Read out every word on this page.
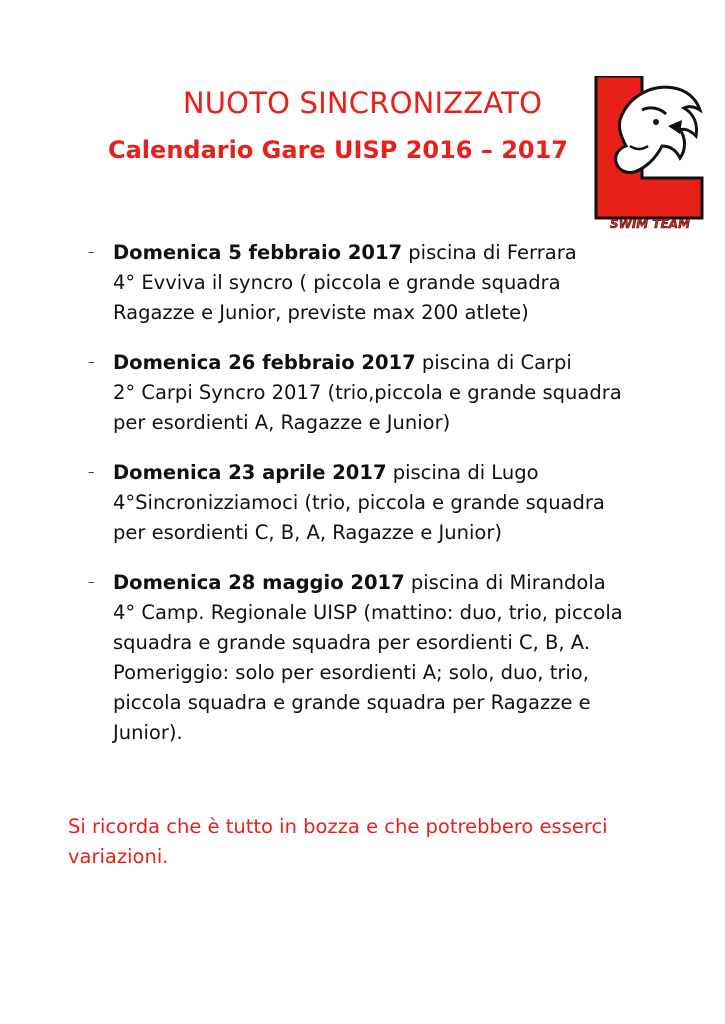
NUOTO SINCRONIZZATO
Calendario Gare UISP 2016 – 2017
SWIM TEAM
– Domenica 5 febbraio 2017 piscina di Ferrara
4° Evviva il syncro ( piccola e grande squadra
Ragazze e Junior, previste max 200 atlete)
– Domenica 26 febbraio 2017 piscina di Carpi
2° Carpi Syncro 2017 (trio,piccola e grande squadra
per esordienti A, Ragazze e Junior)
– Domenica 23 aprile 2017 piscina di Lugo
4°Sincronizziamoci (trio, piccola e grande squadra
per esordienti C, B, A, Ragazze e Junior)
– Domenica 28 maggio 2017 piscina di Mirandola
4° Camp. Regionale UISP (mattino: duo, trio, piccola
squadra e grande squadra per esordienti C, B, A.
Pomeriggio: solo per esordienti A; solo, duo, trio,
piccola squadra e grande squadra per Ragazze e
Junior).
Si ricorda che è tutto in bozza e che potrebbero esserci
variazioni.
